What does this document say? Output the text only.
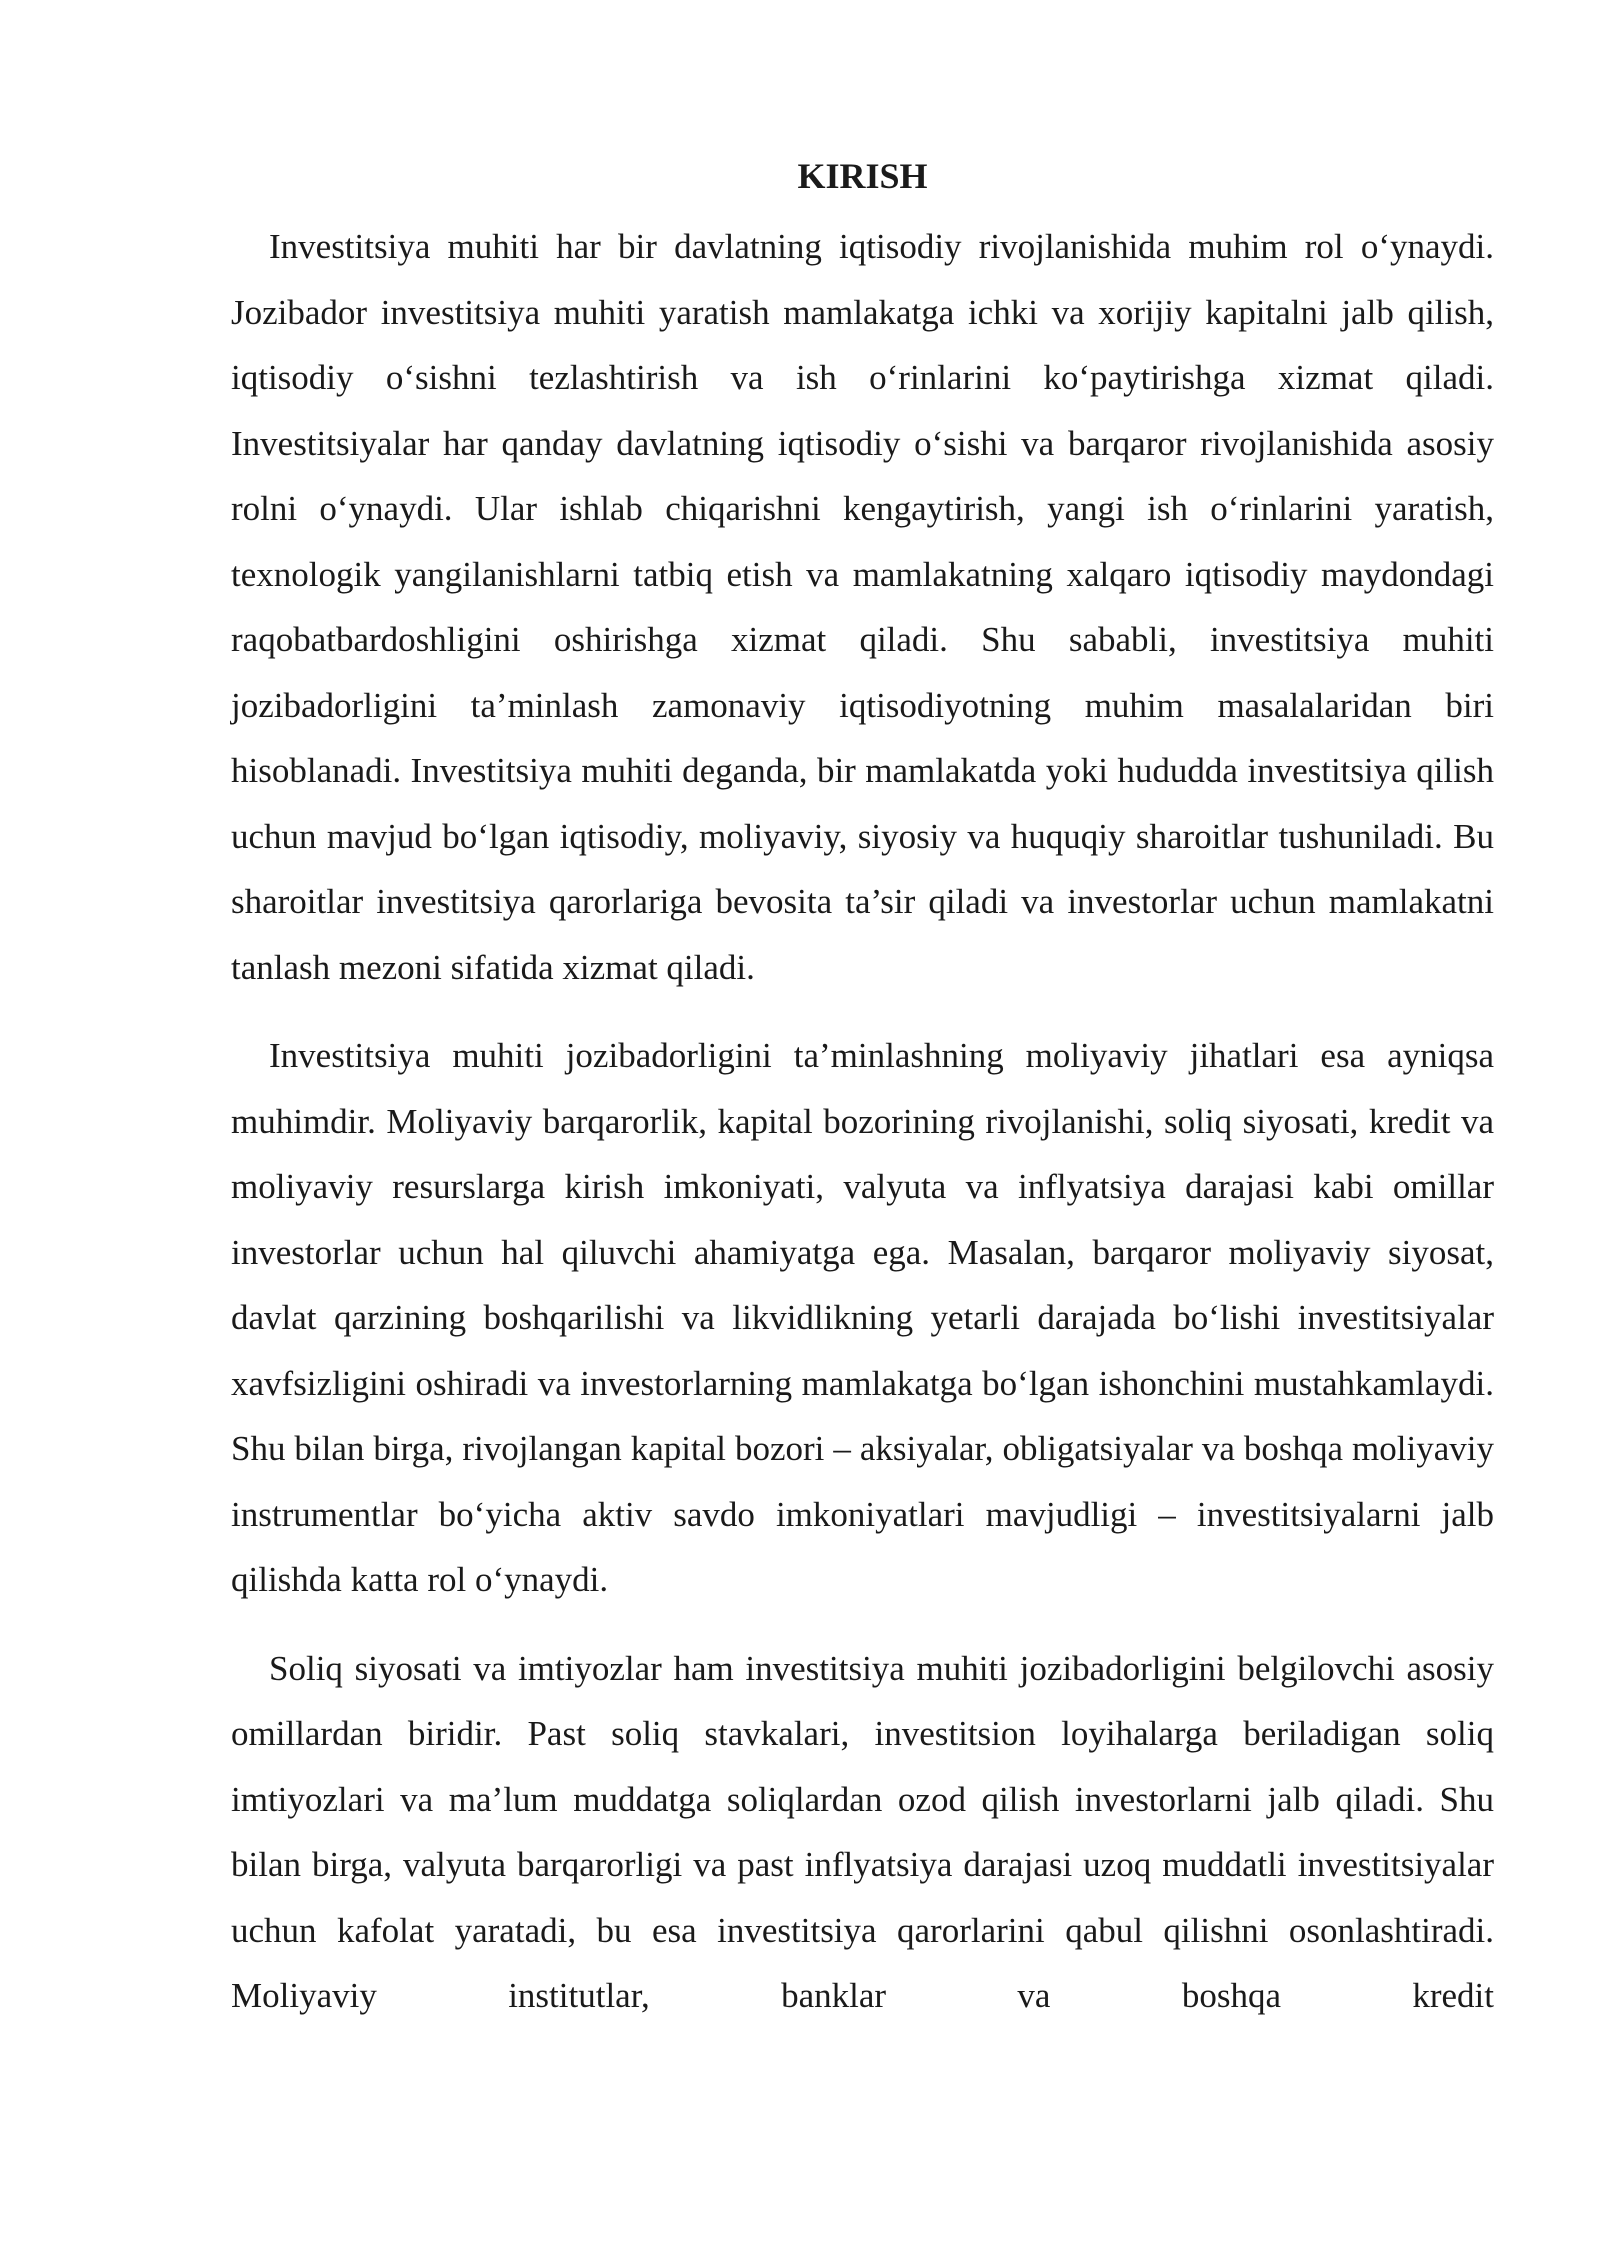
KIRISH

Investitsiya muhiti har bir davlatning iqtisodiy rivojlanishida muhim rol o‘ynaydi. Jozibador investitsiya muhiti yaratish mamlakatga ichki va xorijiy kapitalni jalb qilish, iqtisodiy o‘sishni tezlashtirish va ish o‘rinlarini ko‘paytirishga xizmat qiladi. Investitsiyalar har qanday davlatning iqtisodiy o‘sishi va barqaror rivojlanishida asosiy rolni o‘ynaydi. Ular ishlab chiqarishni kengaytirish, yangi ish o‘rinlarini yaratish, texnologik yangilanishlarni tatbiq etish va mamlakatning xalqaro iqtisodiy maydondagi raqobatbardoshligini oshirishga xizmat qiladi. Shu sababli, investitsiya muhiti jozibadorligini ta’minlash zamonaviy iqtisodiyotning muhim masalalaridan biri hisoblanadi. Investitsiya muhiti deganda, bir mamlakatda yoki hududda investitsiya qilish uchun mavjud bo‘lgan iqtisodiy, moliyaviy, siyosiy va huquqiy sharoitlar tushuniladi. Bu sharoitlar investitsiya qarorlariga bevosita ta’sir qiladi va investorlar uchun mamlakatni tanlash mezoni sifatida xizmat qiladi.

Investitsiya muhiti jozibadorligini ta’minlashning moliyaviy jihatlari esa ayniqsa muhimdir. Moliyaviy barqarorlik, kapital bozorining rivojlanishi, soliq siyosati, kredit va moliyaviy resurslarga kirish imkoniyati, valyuta va inflyatsiya darajasi kabi omillar investorlar uchun hal qiluvchi ahamiyatga ega. Masalan, barqaror moliyaviy siyosat, davlat qarzining boshqarilishi va likvidlikning yetarli darajada bo‘lishi investitsiyalar xavfsizligini oshiradi va investorlarning mamlakatga bo‘lgan ishonchini mustahkamlaydi. Shu bilan birga, rivojlangan kapital bozori – aksiyalar, obligatsiyalar va boshqa moliyaviy instrumentlar bo‘yicha aktiv savdo imkoniyatlari mavjudligi – investitsiyalarni jalb qilishda katta rol o‘ynaydi.

Soliq siyosati va imtiyozlar ham investitsiya muhiti jozibadorligini belgilovchi asosiy omillardan biridir. Past soliq stavkalari, investitsion loyihalarga beriladigan soliq imtiyozlari va ma’lum muddatga soliqlardan ozod qilish investorlarni jalb qiladi. Shu bilan birga, valyuta barqarorligi va past inflyatsiya darajasi uzoq muddatli investitsiyalar uchun kafolat yaratadi, bu esa investitsiya qarorlarini qabul qilishni osonlashtiradi. Moliyaviy institutlar, banklar va boshqa kredit
